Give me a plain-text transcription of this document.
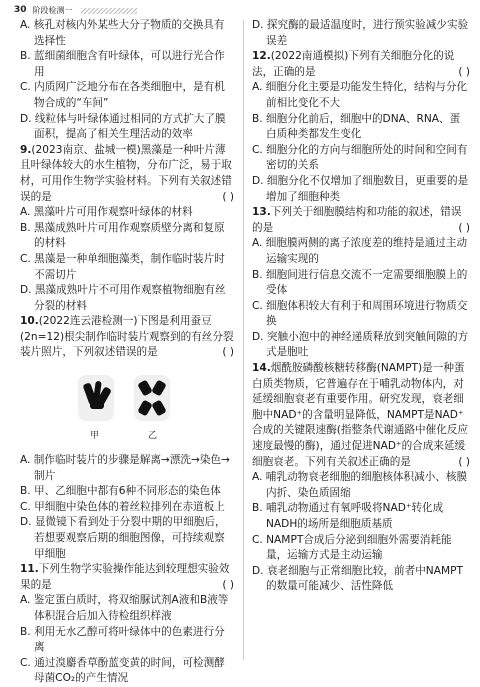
30 阶段检测一

A. 核孔对核内外某些大分子物质的交换具有选择性

B. 蓝细菌细胞含有叶绿体，可以进行光合作用

C. 内质网广泛地分布在各类细胞中，是有机物合成的“车间”

D. 线粒体与叶绿体通过相同的方式扩大了膜面积，提高了相关生理活动的效率

9.(2023南京、盐城一模)黑藻是一种叶片薄且叶绿体较大的水生植物，分布广泛，易于取材，可用作生物学实验材料。下列有关叙述错误的是	( )

A. 黑藻叶片可用作观察叶绿体的材料

B. 黑藻成熟叶片可用作观察质壁分离和复原的材料

C. 黑藻是一种单细胞藻类，制作临时装片时不需切片

D. 黑藻成熟叶片不可用作观察植物细胞有丝分裂的材料

10.(2022连云港检测一)下图是利用蚕豆(2n=12)根尖制作临时装片观察到的有丝分裂装片照片，下列叙述错误的是	( )

甲	乙

A. 制作临时装片的步骤是解离→漂洗→染色→制片

B. 甲、乙细胞中都有6种不同形态的染色体

C. 甲细胞中染色体的着丝粒排列在赤道板上

D. 显微镜下看到处于分裂中期的甲细胞后，若想要观察后期的细胞图像，可持续观察甲细胞

11.下列生物学实验操作能达到较理想实验效果的是	( )

A. 鉴定蛋白质时，将双缩脲试剂A液和B液等体积混合后加入待检组织样液

B. 利用无水乙醇可将叶绿体中的色素进行分离

C. 通过溴麝香草酚蓝变黄的时间，可检测酵母菌CO₂的产生情况

D. 探究酶的最适温度时，进行预实验减少实验误差

12.(2022南通模拟)下列有关细胞分化的说法，正确的是	( )

A. 细胞分化主要是功能发生特化，结构与分化前相比变化不大

B. 细胞分化前后，细胞中的DNA、RNA、蛋白质种类都发生变化

C. 细胞分化的方向与细胞所处的时间和空间有密切的关系

D. 细胞分化不仅增加了细胞数目，更重要的是增加了细胞种类

13.下列关于细胞膜结构和功能的叙述，错误的是	( )

A. 细胞膜两侧的离子浓度差的维持是通过主动运输实现的

B. 细胞间进行信息交流不一定需要细胞膜上的受体

C. 细胞体积较大有利于和周围环境进行物质交换

D. 突触小泡中的神经递质释放到突触间隙的方式是胞吐

14.烟酰胺磷酸核糖转移酶(NAMPT)是一种蛋白质类物质，它普遍存在于哺乳动物体内，对延缓细胞衰老有重要作用。研究发现，衰老细胞中NAD⁺的含量明显降低，NAMPT是NAD⁺合成的关键限速酶(指整条代谢通路中催化反应速度最慢的酶)，通过促进NAD⁺的合成来延缓细胞衰老。下列有关叙述正确的是	( )

A. 哺乳动物衰老细胞的细胞核体积减小、核膜内折、染色质固缩

B. 哺乳动物通过有氧呼吸将NAD⁺转化成NADH的场所是细胞质基质

C. NAMPT合成后分泌到细胞外需要消耗能量，运输方式是主动运输

D. 衰老细胞与正常细胞比较，前者中NAMPT的数量可能减少、活性降低
